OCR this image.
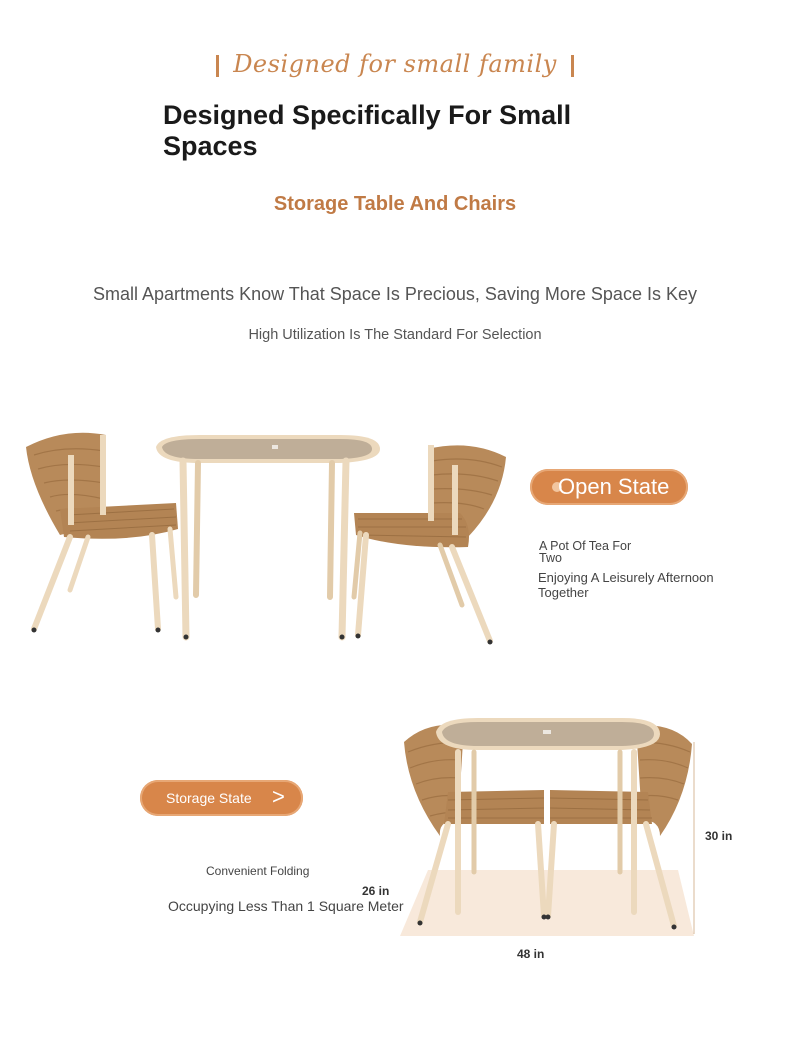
Designed for small family
Designed Specifically For Small Spaces
Storage Table And Chairs
Small Apartments Know That Space Is Precious, Saving More Space Is Key
High Utilization Is The Standard For Selection
Open State
A Pot Of Tea For Two
Enjoying A Leisurely Afternoon Together
Storage State >
Convenient Folding
Occupying Less Than 1 Square Meter
30 in
26 in
48 in
